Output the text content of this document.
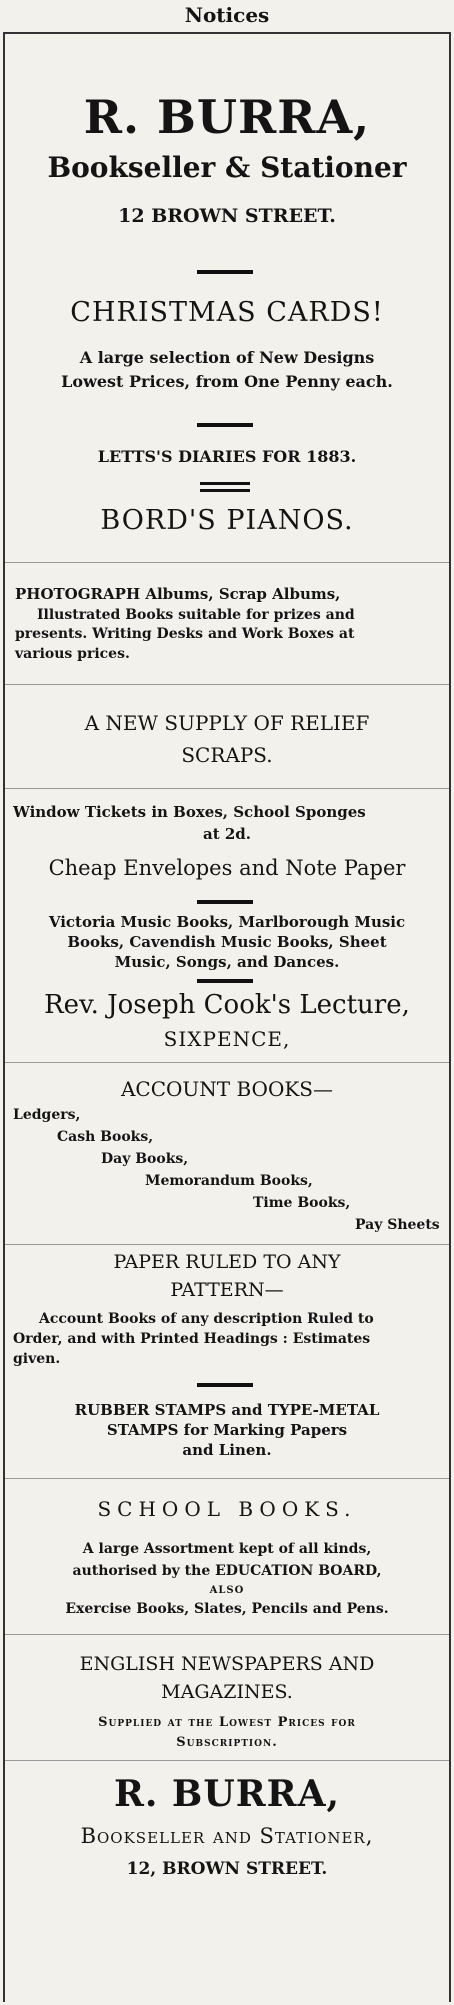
Notices
R. BURRA,
Bookseller & Stationer
12 BROWN STREET.
CHRISTMAS CARDS!
A large selection of New Designs
Lowest Prices, from One Penny each.
LETTS'S DIARIES FOR 1883.
BORD'S PIANOS.
PHOTOGRAPH Albums, Scrap Albums,
Illustrated Books suitable for prizes and
presents. Writing Desks and Work Boxes at
various prices.
A NEW SUPPLY OF RELIEF
SCRAPS.
Window Tickets in Boxes, School Sponges
at 2d.
Cheap Envelopes and Note Paper
Victoria Music Books, Marlborough Music
Books, Cavendish Music Books, Sheet
Music, Songs, and Dances.
Rev. Joseph Cook's Lecture,
SIXPENCE,
ACCOUNT BOOKS—
Ledgers,
Cash Books,
Day Books,
Memorandum Books,
Time Books,
Pay Sheets
PAPER RULED TO ANY
PATTERN—
Account Books of any description Ruled to
Order, and with Printed Headings : Estimates
given.
RUBBER STAMPS and TYPE-METAL
STAMPS for Marking Papers
and Linen.
SCHOOL BOOKS.
A large Assortment kept of all kinds,
authorised by the EDUCATION BOARD,
ALSO
Exercise Books, Slates, Pencils and Pens.
ENGLISH NEWSPAPERS AND
MAGAZINES.
Supplied at the Lowest Prices for
Subscription.
R. BURRA,
Bookseller and Stationer,
12, BROWN STREET.
